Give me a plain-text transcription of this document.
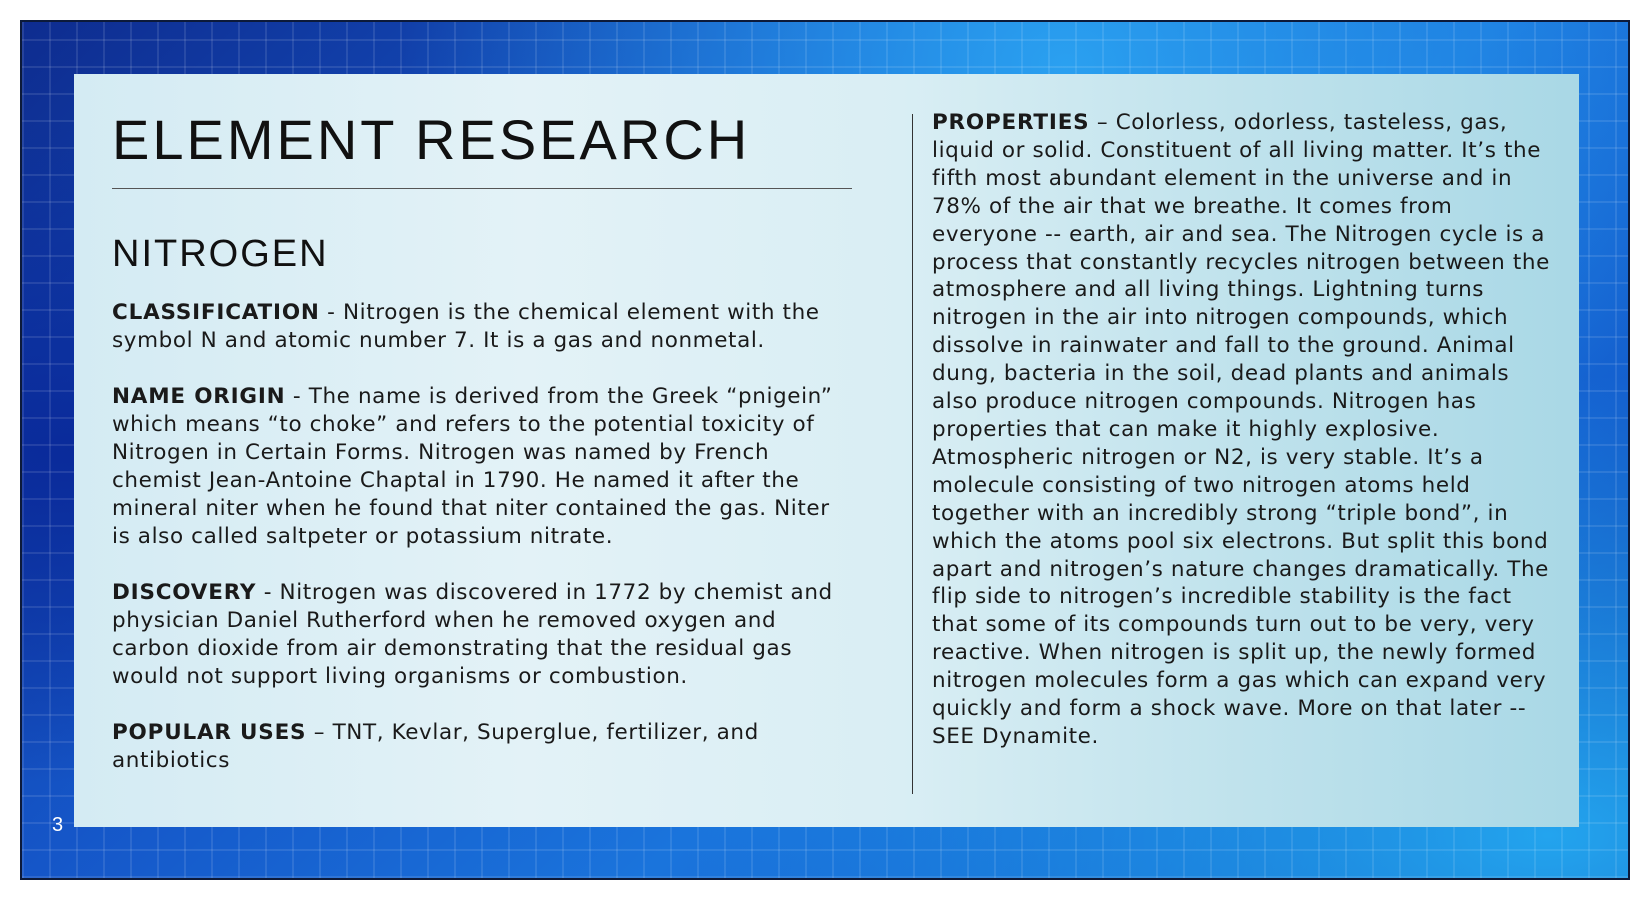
ELEMENT RESEARCH
NITROGEN

CLASSIFICATION - Nitrogen is the chemical element with the symbol N and atomic number 7. It is a gas and nonmetal.

NAME ORIGIN - The name is derived from the Greek “pnigein” which means “to choke” and refers to the potential toxicity of Nitrogen in Certain Forms. Nitrogen was named by French chemist Jean-Antoine Chaptal in 1790. He named it after the mineral niter when he found that niter contained the gas. Niter is also called saltpeter or potassium nitrate.

DISCOVERY - Nitrogen was discovered in 1772 by chemist and physician Daniel Rutherford when he removed oxygen and carbon dioxide from air demonstrating that the residual gas would not support living organisms or combustion.

POPULAR USES – TNT, Kevlar, Superglue, fertilizer, and antibiotics

PROPERTIES – Colorless, odorless, tasteless, gas, liquid or solid. Constituent of all living matter. It’s the fifth most abundant element in the universe and in 78% of the air that we breathe. It comes from everyone -- earth, air and sea. The Nitrogen cycle is a process that constantly recycles nitrogen between the atmosphere and all living things. Lightning turns nitrogen in the air into nitrogen compounds, which dissolve in rainwater and fall to the ground. Animal dung, bacteria in the soil, dead plants and animals also produce nitrogen compounds. Nitrogen has properties that can make it highly explosive. Atmospheric nitrogen or N2, is very stable. It’s a molecule consisting of two nitrogen atoms held together with an incredibly strong “triple bond”, in which the atoms pool six electrons. But split this bond apart and nitrogen’s nature changes dramatically. The flip side to nitrogen’s incredible stability is the fact that some of its compounds turn out to be very, very reactive. When nitrogen is split up, the newly formed nitrogen molecules form a gas which can expand very quickly and form a shock wave. More on that later -- SEE Dynamite.

3
